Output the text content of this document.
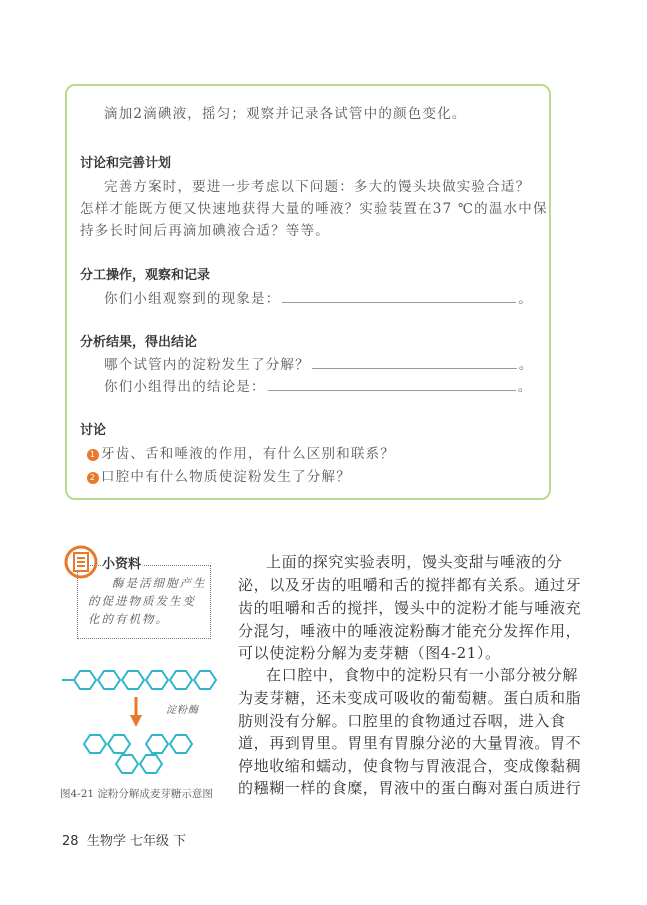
滴加2滴碘液，摇匀；观察并记录各试管中的颜色变化。
讨论和完善计划
完善方案时，要进一步考虑以下问题：多大的馒头块做实验合适？
怎样才能既方便又快速地获得大量的唾液？实验装置在37 ℃的温水中保
持多长时间后再滴加碘液合适？等等。
分工操作，观察和记录
你们小组观察到的现象是：	。
分析结果，得出结论
哪个试管内的淀粉发生了分解？	。
你们小组得出的结论是：	。
讨论
1 牙齿、舌和唾液的作用，有什么区别和联系？
2 口腔中有什么物质使淀粉发生了分解？
小资料
酶是活细胞产生
的促进物质发生变
化的有机物。
淀粉酶
图4-21 淀粉分解成麦芽糖示意图
上面的探究实验表明，馒头变甜与唾液的分
泌，以及牙齿的咀嚼和舌的搅拌都有关系。通过牙
齿的咀嚼和舌的搅拌，馒头中的淀粉才能与唾液充
分混匀，唾液中的唾液淀粉酶才能充分发挥作用，
可以使淀粉分解为麦芽糖（图4-21）。
在口腔中，食物中的淀粉只有一小部分被分解
为麦芽糖，还未变成可吸收的葡萄糖。蛋白质和脂
肪则没有分解。口腔里的食物通过吞咽，进入食
道，再到胃里。胃里有胃腺分泌的大量胃液。胃不
停地收缩和蠕动，使食物与胃液混合，变成像黏稠
的糨糊一样的食糜，胃液中的蛋白酶对蛋白质进行
28 生物学 七年级 下
